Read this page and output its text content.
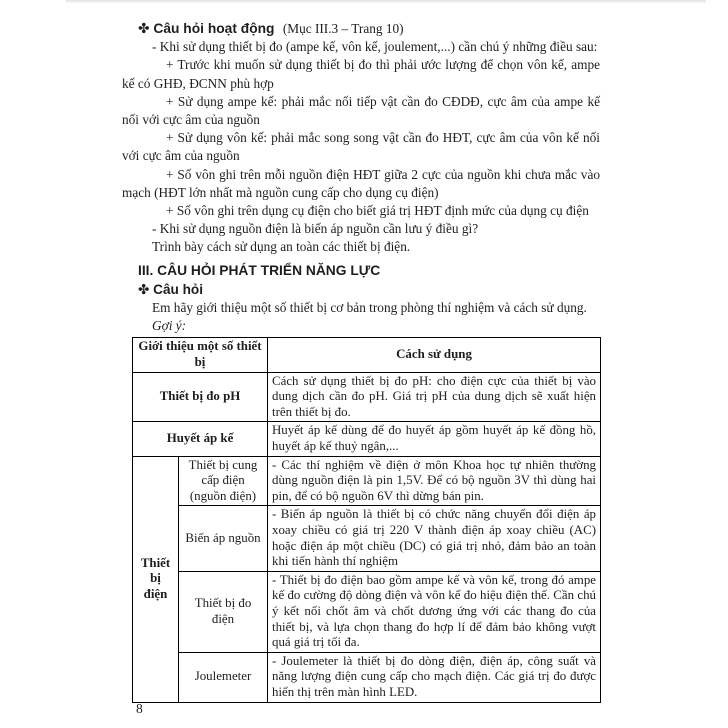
✤ Câu hỏi hoạt động (Mục III.3 – Trang 10)

- Khi sử dụng thiết bị đo (ampe kế, vôn kế, joulement,...) cần chú ý những điều sau:

+ Trước khi muốn sử dụng thiết bị đo thì phải ước lượng để chọn vôn kế, ampe kế có GHĐ, ĐCNN phù hợp

+ Sử dụng ampe kế: phải mắc nối tiếp vật cần đo CĐDĐ, cực âm của ampe kế nối với cực âm của nguồn

+ Sử dụng vôn kế: phải mắc song song vật cần đo HĐT, cực âm của vôn kế nối với cực âm của nguồn

+ Số vôn ghi trên mỗi nguồn điện HĐT giữa 2 cực của nguồn khi chưa mắc vào mạch (HĐT lớn nhất mà nguồn cung cấp cho dụng cụ điện)

+ Số vôn ghi trên dụng cụ điện cho biết giá trị HĐT định mức của dụng cụ điện

- Khi sử dụng nguồn điện là biến áp nguồn cần lưu ý điều gì?

Trình bày cách sử dụng an toàn các thiết bị điện.

III. CÂU HỎI PHÁT TRIỂN NĂNG LỰC

✤ Câu hỏi

Em hãy giới thiệu một số thiết bị cơ bản trong phòng thí nghiệm và cách sử dụng.

Gợi ý:

Giới thiệu một số thiết bị		Cách sử dụng
Thiết bị đo pH		Cách sử dụng thiết bị đo pH: cho điện cực của thiết bị vào dung dịch cần đo pH. Giá trị pH của dung dịch sẽ xuất hiện trên thiết bị đo.
Huyết áp kế		Huyết áp kế dùng để đo huyết áp gồm huyết áp kế đồng hồ, huyết áp kế thuỷ ngân,...
Thiết bị điện	Thiết bị cung cấp điện (nguồn điện)	- Các thí nghiệm về điện ở môn Khoa học tự nhiên thường dùng nguồn điện là pin 1,5V. Để có bộ nguồn 3V thì dùng hai pin, để có bộ nguồn 6V thì dừng bán pin.
	Biến áp nguồn	- Biến áp nguồn là thiết bị có chức năng chuyển đổi điện áp xoay chiều có giá trị 220 V thành điện áp xoay chiều (AC) hoặc điện áp một chiều (DC) có giá trị nhỏ, đảm bảo an toàn khi tiến hành thí nghiệm
	Thiết bị đo điện	- Thiết bị đo điện bao gồm ampe kế và vôn kế, trong đó ampe kế đo cường độ dòng điện và vôn kế đo hiệu điện thế. Cần chú ý kết nối chốt âm và chốt dương ứng với các thang đo của thiết bị, và lựa chọn thang đo hợp lí để đảm bảo không vượt quá giá trị tối đa.
	Joulemeter	- Joulemeter là thiết bị đo dòng điện, điện áp, công suất và năng lượng điện cung cấp cho mạch điện. Các giá trị đo được hiển thị trên màn hình LED.
8
